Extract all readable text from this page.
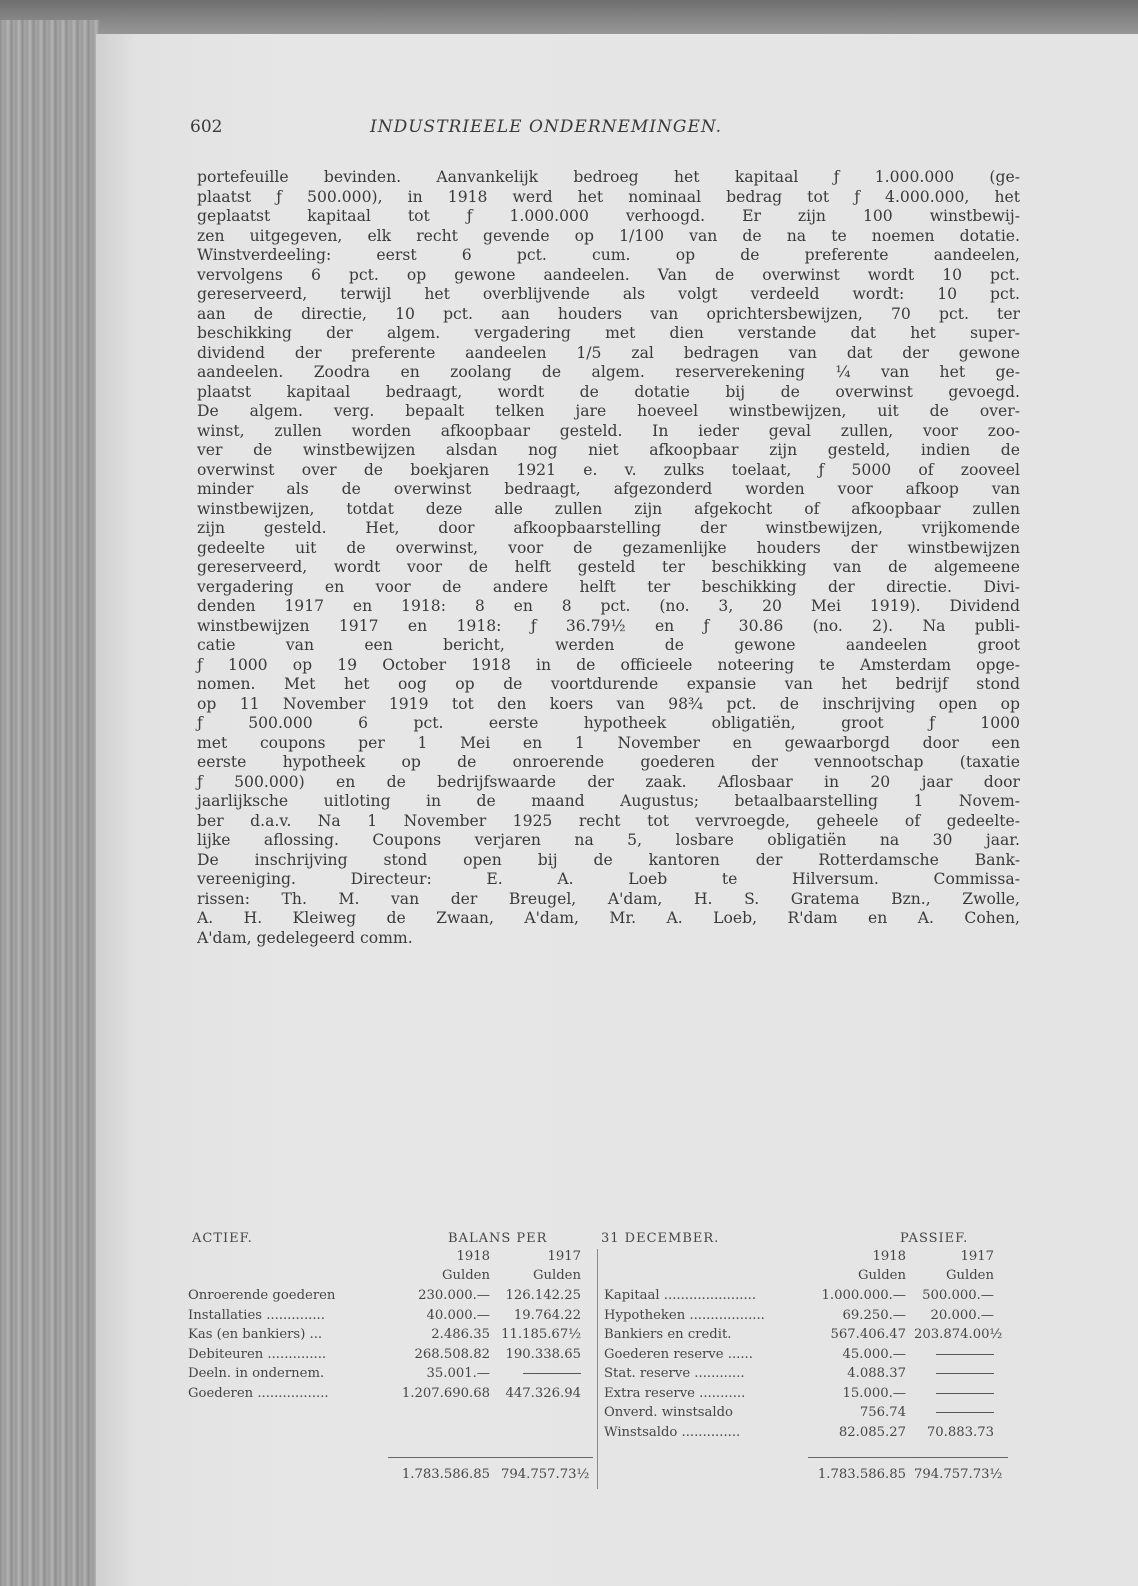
602	INDUSTRIEELE ONDERNEMINGEN.
portefeuille bevinden. Aanvankelijk bedroeg het kapitaal ƒ 1.000.000 (ge-
plaatst ƒ 500.000), in 1918 werd het nominaal bedrag tot ƒ 4.000.000, het
geplaatst kapitaal tot ƒ 1.000.000 verhoogd. Er zijn 100 winstbewij-
zen uitgegeven, elk recht gevende op 1/100 van de na te noemen dotatie.
Winstverdeeling: eerst 6 pct. cum. op de preferente aandeelen,
vervolgens 6 pct. op gewone aandeelen. Van de overwinst wordt 10 pct.
gereserveerd, terwijl het overblijvende als volgt verdeeld wordt: 10 pct.
aan de directie, 10 pct. aan houders van oprichtersbewijzen, 70 pct. ter
beschikking der algem. vergadering met dien verstande dat het super-
dividend der preferente aandeelen 1/5 zal bedragen van dat der gewone
aandeelen. Zoodra en zoolang de algem. reserverekening ¼ van het ge-
plaatst kapitaal bedraagt, wordt de dotatie bij de overwinst gevoegd.
De algem. verg. bepaalt telken jare hoeveel winstbewijzen, uit de over-
winst, zullen worden afkoopbaar gesteld. In ieder geval zullen, voor zoo-
ver de winstbewijzen alsdan nog niet afkoopbaar zijn gesteld, indien de
overwinst over de boekjaren 1921 e. v. zulks toelaat, ƒ 5000 of zooveel
minder als de overwinst bedraagt, afgezonderd worden voor afkoop van
winstbewijzen, totdat deze alle zullen zijn afgekocht of afkoopbaar zullen
zijn gesteld. Het, door afkoopbaarstelling der winstbewijzen, vrijkomende
gedeelte uit de overwinst, voor de gezamenlijke houders der winstbewijzen
gereserveerd, wordt voor de helft gesteld ter beschikking van de algemeene
vergadering en voor de andere helft ter beschikking der directie. Divi-
denden 1917 en 1918: 8 en 8 pct. (no. 3, 20 Mei 1919). Dividend
winstbewijzen 1917 en 1918: ƒ 36.79½ en ƒ 30.86 (no. 2). Na publi-
catie van een bericht, werden de gewone aandeelen groot
ƒ 1000 op 19 October 1918 in de officieele noteering te Amsterdam opge-
nomen. Met het oog op de voortdurende expansie van het bedrijf stond
op 11 November 1919 tot den koers van 98¾ pct. de inschrijving open op
ƒ 500.000 6 pct. eerste hypotheek obligatiën, groot ƒ 1000
met coupons per 1 Mei en 1 November en gewaarborgd door een
eerste hypotheek op de onroerende goederen der vennootschap (taxatie
ƒ 500.000) en de bedrijfswaarde der zaak. Aflosbaar in 20 jaar door
jaarlijksche uitloting in de maand Augustus; betaalbaarstelling 1 Novem-
ber d.a.v. Na 1 November 1925 recht tot vervroegde, geheele of gedeelte-
lijke aflossing. Coupons verjaren na 5, losbare obligatiën na 30 jaar.
De inschrijving stond open bij de kantoren der Rotterdamsche Bank-
vereeniging. Directeur: E. A. Loeb te Hilversum. Commissa-
rissen: Th. M. van der Breugel, A'dam, H. S. Gratema Bzn., Zwolle,
A. H. Kleiweg de Zwaan, A'dam, Mr. A. Loeb, R'dam en A. Cohen,
A'dam, gedelegeerd comm.
ACTIEF.	BALANS PER	31 DECEMBER.	PASSIEF.
1918	1917
Gulden	Gulden
1918	1917
Gulden	Gulden
Onroerende goederen	230.000.—	126.142.25
Installaties ..............	40.000.—	19.764.22
Kas (en bankiers) ...	2.486.35 11.185.67½
Debiteuren ..............	268.508.82	190.338.65
Deeln. in ondernem.	35.001.—
Goederen .................	1.207.690.68	447.326.94
Kapitaal ......................	1.000.000.—	500.000.—
Hypotheken ..................	69.250.—	20.000.—
Bankiers en credit.	567.406.47 203.874.00½
Goederen reserve ......	45.000.—
Stat. reserve ............	4.088.37
Extra reserve ...........	15.000.—
Onverd. winstsaldo	756.74
Winstsaldo ..............	82.085.27	70.883.73
1.783.586.85 794.757.73½	1.783.586.85 794.757.73½
